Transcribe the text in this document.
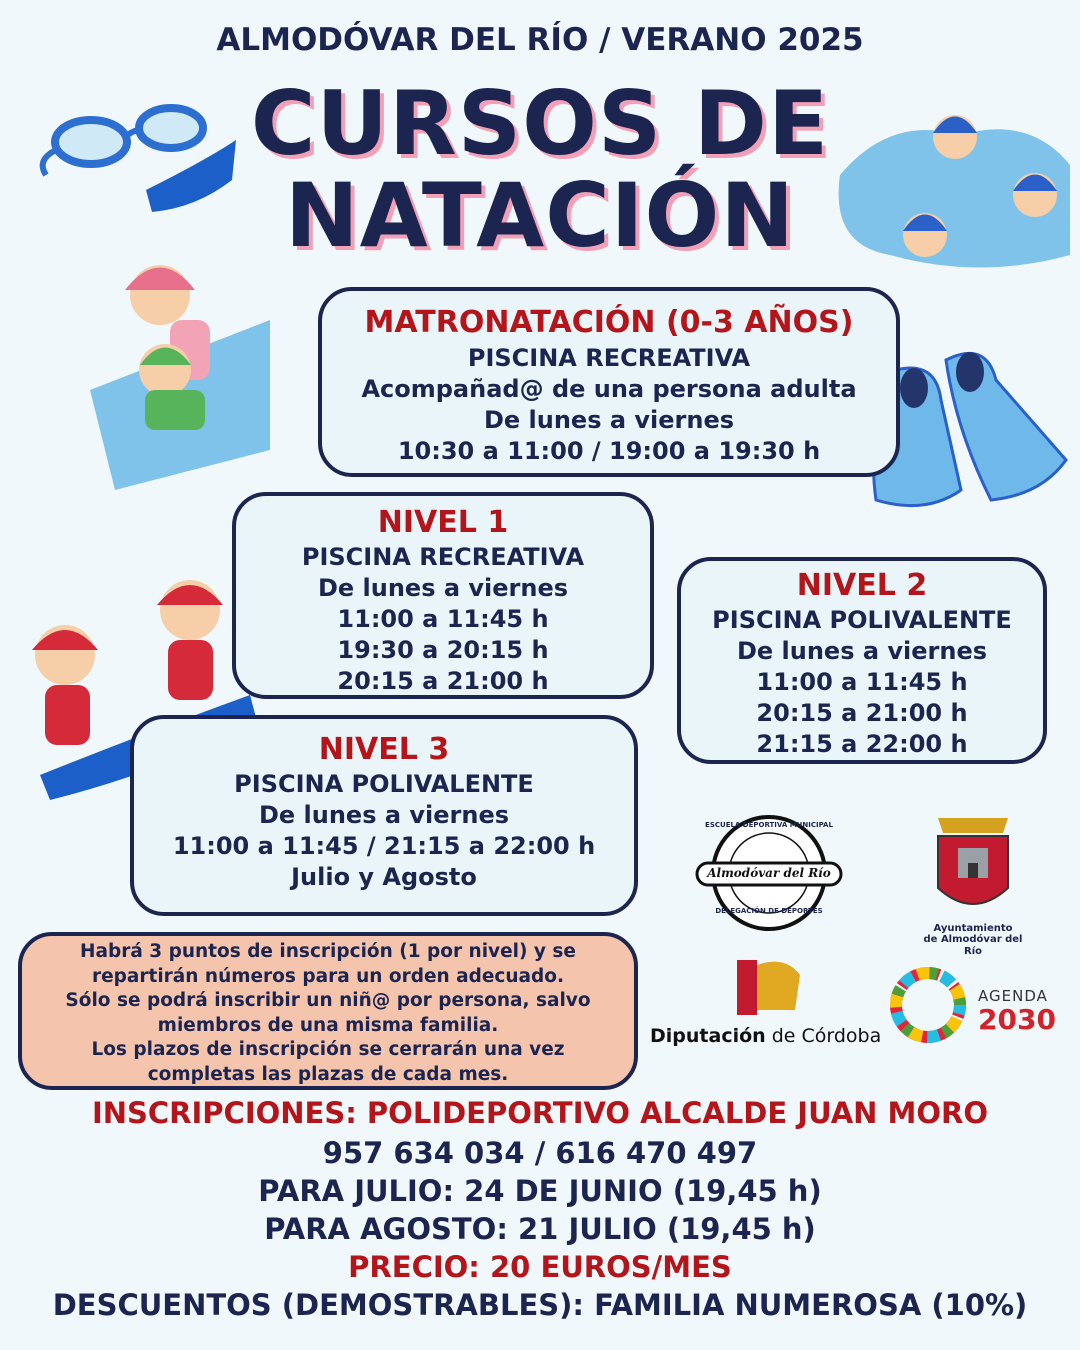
ALMODÓVAR DEL RÍO / VERANO 2025
CURSOS DE
NATACIÓN
MATRONATACIÓN (0-3 AÑOS)
PISCINA RECREATIVA
Acompañad@ de una persona adulta
De lunes a viernes
10:30 a 11:00 / 19:00 a 19:30 h
NIVEL 1
PISCINA RECREATIVA
De lunes a viernes
11:00 a 11:45 h
19:30 a 20:15 h
20:15 a 21:00 h
NIVEL 2
PISCINA POLIVALENTE
De lunes a viernes
11:00 a 11:45 h
20:15 a 21:00 h
21:15 a 22:00 h
NIVEL 3
PISCINA POLIVALENTE
De lunes a viernes
11:00 a 11:45 / 21:15 a 22:00 h
Julio y Agosto
Habrá 3 puntos de inscripción (1 por nivel) y se
repartirán números para un orden adecuado.
Sólo se podrá inscribir un niñ@ por persona, salvo
miembros de una misma familia.
Los plazos de inscripción se cerrarán una vez
completas las plazas de cada mes.
ESCUELA DEPORTIVA MUNICIPAL
Almodóvar del Río
DELEGACIÓN DE DEPORTES
Ayuntamiento
de Almodóvar del Río
Diputación de Córdoba
AGENDA
2030
INSCRIPCIONES: POLIDEPORTIVO ALCALDE JUAN MORO
957 634 034 / 616 470 497
PARA JULIO: 24 DE JUNIO (19,45 h)
PARA AGOSTO: 21 JULIO (19,45 h)
PRECIO: 20 EUROS/MES
DESCUENTOS (DEMOSTRABLES): FAMILIA NUMEROSA (10%)
